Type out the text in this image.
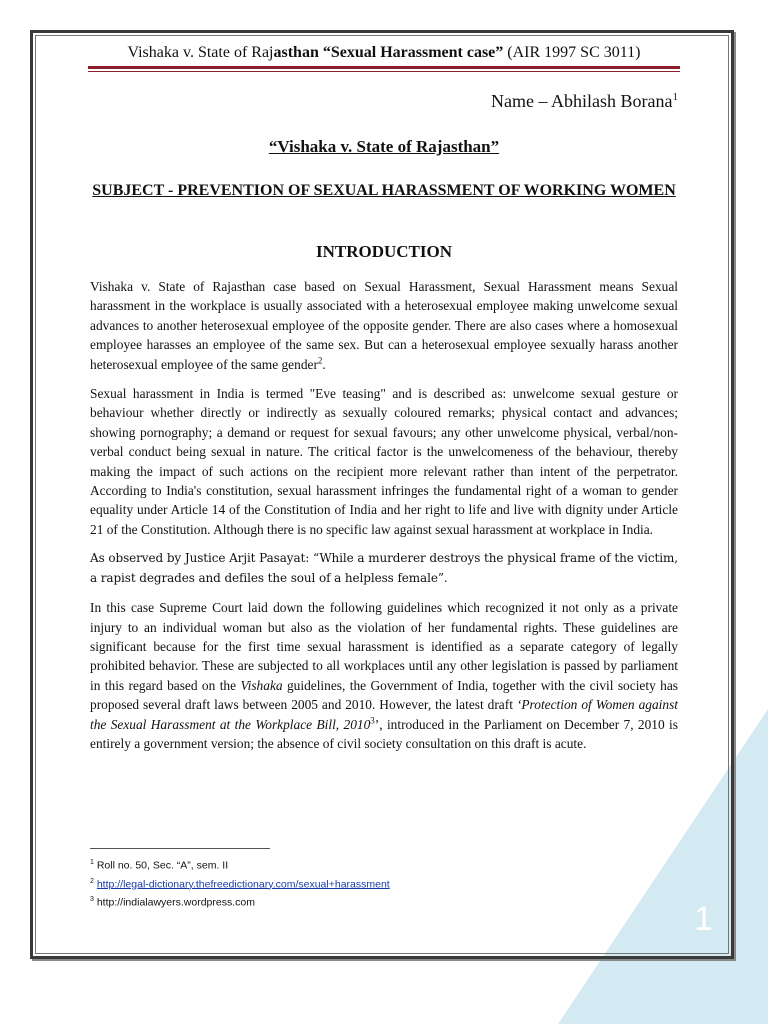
Vishaka v. State of Rajasthan “Sexual Harassment case” (AIR 1997 SC 3011)
Name – Abhilash Borana$^1$
“Vishaka v. State of Rajasthan”
SUBJECT - PREVENTION OF SEXUAL HARASSMENT OF WORKING WOMEN
INTRODUCTION

Vishaka v. State of Rajasthan case based on Sexual Harassment, Sexual Harassment means Sexual harassment in the workplace is usually associated with a heterosexual employee making unwelcome sexual advances to another heterosexual employee of the opposite gender. There are also cases where a homosexual employee harasses an employee of the same sex. But can a heterosexual employee sexually harass another heterosexual employee of the same gender$^2$.

Sexual harassment in India is termed "Eve teasing" and is described as: unwelcome sexual gesture or behaviour whether directly or indirectly as sexually coloured remarks; physical contact and advances; showing pornography; a demand or request for sexual favours; any other unwelcome physical, verbal/non-verbal conduct being sexual in nature. The critical factor is the unwelcomeness of the behaviour, thereby making the impact of such actions on the recipient more relevant rather than intent of the perpetrator. According to India's constitution, sexual harassment infringes the fundamental right of a woman to gender equality under Article 14 of the Constitution of India and her right to life and live with dignity under Article 21 of the Constitution. Although there is no specific law against sexual harassment at workplace in India.

As observed by Justice Arjit Pasayat: “While a murderer destroys the physical frame of the victim, a rapist degrades and defiles the soul of a helpless female”.

In this case Supreme Court laid down the following guidelines which recognized it not only as a private injury to an individual woman but also as the violation of her fundamental rights. These guidelines are significant because for the first time sexual harassment is identified as a separate category of legally prohibited behavior. These are subjected to all workplaces until any other legislation is passed by parliament in this regard based on the Vishaka guidelines, the Government of India, together with the civil society has proposed several draft laws between 2005 and 2010. However, the latest draft ‘Protection of Women against the Sexual Harassment at the Workplace Bill, 2010$^3$’, introduced in the Parliament on December 7, 2010 is entirely a government version; the absence of civil society consultation on this draft is acute.

$^1$ Roll no. 50, Sec. “A”, sem. II
$^2$ http://legal-dictionary.thefreedictionary.com/sexual+harassment
$^3$ http://indialawyers.wordpress.com	1
